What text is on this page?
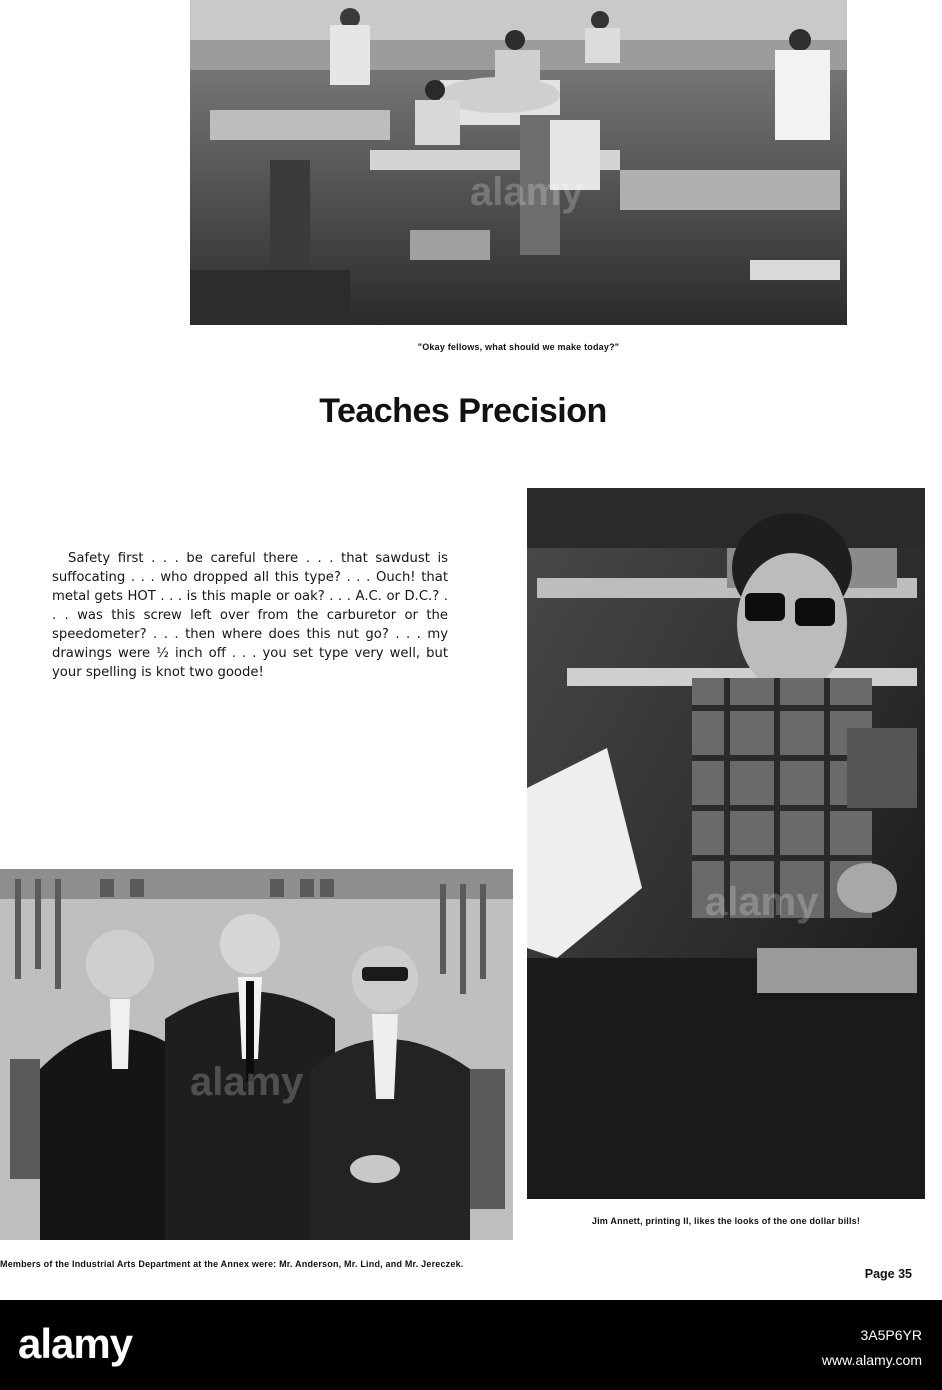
"Okay fellows, what should we make today?"
Teaches Precision

Safety first . . . be careful there . . . that sawdust is suffocating . . . who dropped all this type? . . . Ouch! that metal gets HOT . . . is this maple or oak? . . . A.C. or D.C.? . . . was this screw left over from the carburetor or the speedometer? . . . then where does this nut go? . . . my drawings were ½ inch off . . . you set type very well, but your spelling is knot two goode!

Jim Annett, printing II, likes the looks of the one dollar bills!
Members of the Industrial Arts Department at the Annex were: Mr. Anderson, Mr. Lind, and Mr. Jereczek.
Page 35
alamy
alamy
alamy
alamy	3A5P6YR
www.alamy.com
